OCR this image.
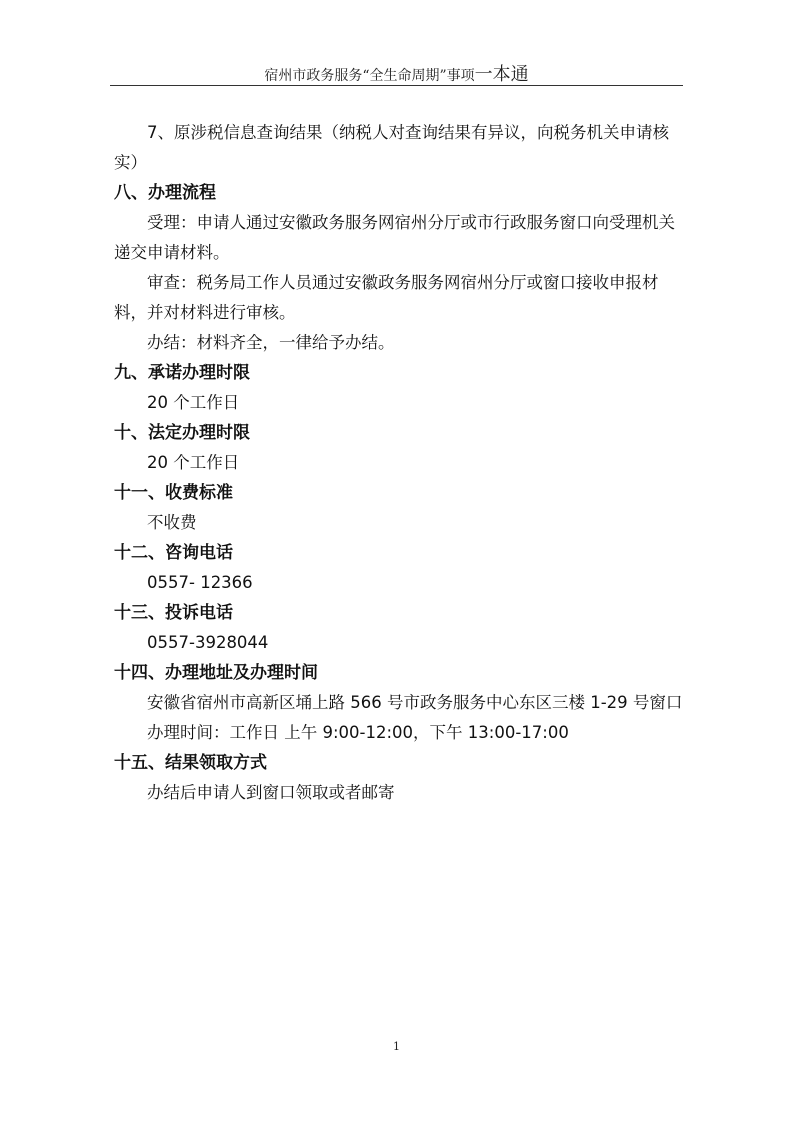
宿州市政务服务“全生命周期”事项一本通

7、原涉税信息查询结果（纳税人对查询结果有异议，向税务机关申请核实）

八、办理流程

受理：申请人通过安徽政务服务网宿州分厅或市行政服务窗口向受理机关递交申请材料。

审查：税务局工作人员通过安徽政务服务网宿州分厅或窗口接收申报材料，并对材料进行审核。

办结：材料齐全，一律给予办结。

九、承诺办理时限

20 个工作日

十、法定办理时限

20 个工作日

十一、收费标准

不收费

十二、咨询电话

0557- 12366

十三、投诉电话

0557-3928044

十四、办理地址及办理时间

安徽省宿州市高新区埇上路 566 号市政务服务中心东区三楼 1-29 号窗口

办理时间：工作日 上午 9:00-12:00，下午 13:00-17:00

十五、结果领取方式

办结后申请人到窗口领取或者邮寄

1
